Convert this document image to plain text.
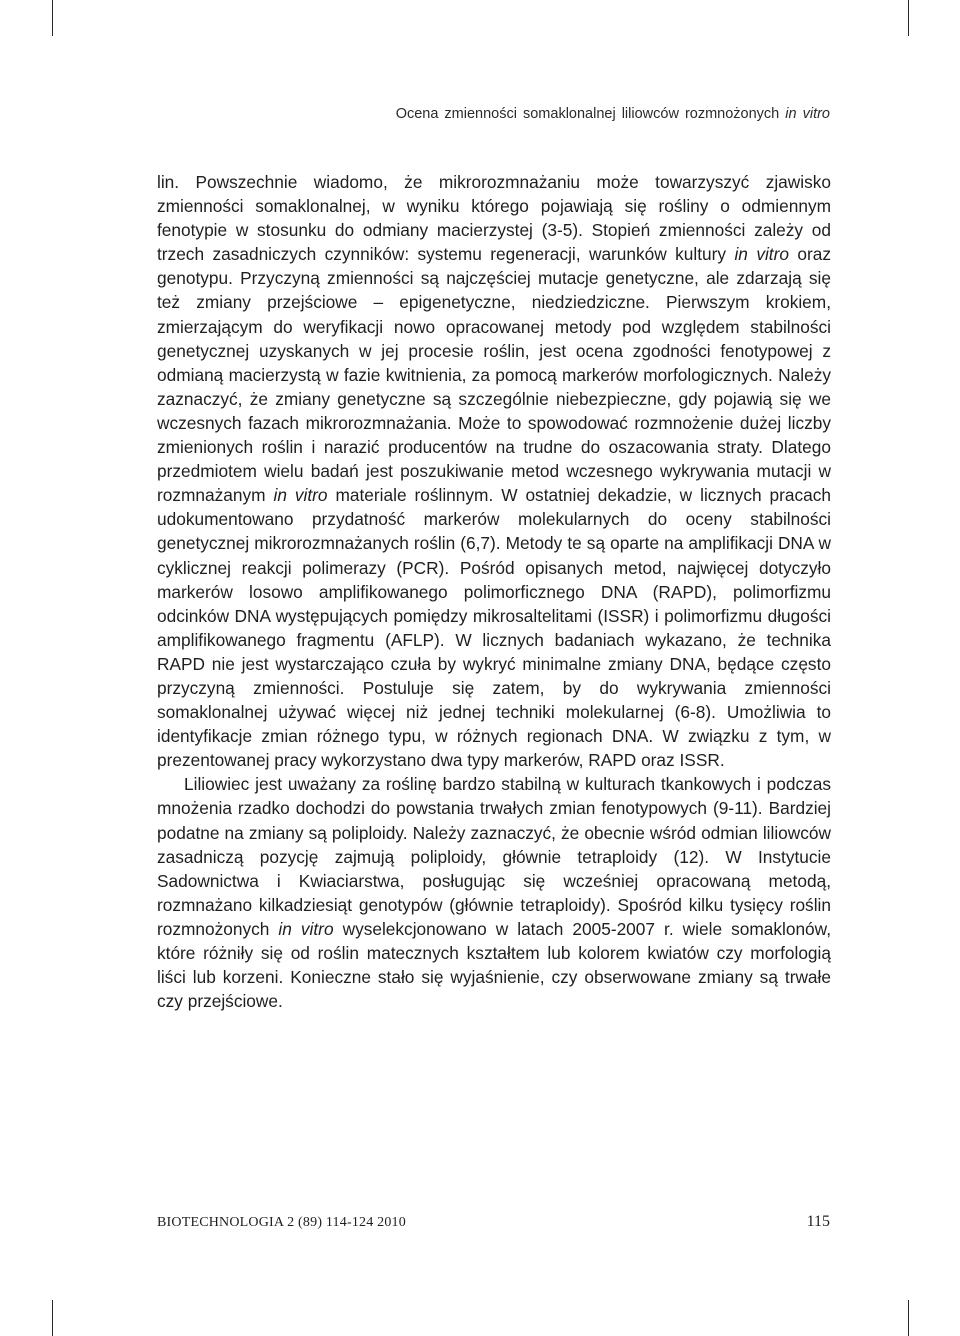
Ocena zmienności somaklonalnej liliowców rozmnożonych in vitro

lin. Powszechnie wiadomo, że mikrorozmnażaniu może towarzyszyć zjawisko zmienności somaklonalnej, w wyniku którego pojawiają się rośliny o odmiennym fenotypie w stosunku do odmiany macierzystej (3-5). Stopień zmienności zależy od trzech zasadniczych czynników: systemu regeneracji, warunków kultury in vitro oraz genotypu. Przyczyną zmienności są najczęściej mutacje genetyczne, ale zdarzają się też zmiany przejściowe – epigenetyczne, niedziedziczne. Pierwszym krokiem, zmierzającym do weryfikacji nowo opracowanej metody pod względem stabilności genetycznej uzyskanych w jej procesie roślin, jest ocena zgodności fenotypowej z odmianą macierzystą w fazie kwitnienia, za pomocą markerów morfologicznych. Należy zaznaczyć, że zmiany genetyczne są szczególnie niebezpieczne, gdy pojawią się we wczesnych fazach mikrorozmnażania. Może to spowodować rozmnożenie dużej liczby zmienionych roślin i narazić producentów na trudne do oszacowania straty. Dlatego przedmiotem wielu badań jest poszukiwanie metod wczesnego wykrywania mutacji w rozmnażanym in vitro materiale roślinnym. W ostatniej dekadzie, w licznych pracach udokumentowano przydatność markerów molekularnych do oceny stabilności genetycznej mikrorozmnażanych roślin (6,7). Metody te są oparte na amplifikacji DNA w cyklicznej reakcji polimerazy (PCR). Pośród opisanych metod, najwięcej dotyczyło markerów losowo amplifikowanego polimorficznego DNA (RAPD), polimorfizmu odcinków DNA występujących pomiędzy mikrosaltelitami (ISSR) i polimorfizmu długości amplifikowanego fragmentu (AFLP). W licznych badaniach wykazano, że technika RAPD nie jest wystarczająco czuła by wykryć minimalne zmiany DNA, będące często przyczyną zmienności. Postuluje się zatem, by do wykrywania zmienności somaklonalnej używać więcej niż jednej techniki molekularnej (6-8). Umożliwia to identyfikacje zmian różnego typu, w różnych regionach DNA. W związku z tym, w prezentowanej pracy wykorzystano dwa typy markerów, RAPD oraz ISSR.

Liliowiec jest uważany za roślinę bardzo stabilną w kulturach tkankowych i podczas mnożenia rzadko dochodzi do powstania trwałych zmian fenotypowych (9-11). Bardziej podatne na zmiany są poliploidy. Należy zaznaczyć, że obecnie wśród odmian liliowców zasadniczą pozycję zajmują poliploidy, głównie tetraploidy (12). W Instytucie Sadownictwa i Kwiaciarstwa, posługując się wcześniej opracowaną metodą, rozmnażano kilkadziesiąt genotypów (głównie tetraploidy). Spośród kilku tysięcy roślin rozmnożonych in vitro wyselekcjonowano w latach 2005-2007 r. wiele somaklonów, które różniły się od roślin matecznych kształtem lub kolorem kwiatów czy morfologią liści lub korzeni. Konieczne stało się wyjaśnienie, czy obserwowane zmiany są trwałe czy przejściowe.

BIOTECHNOLOGIA 2 (89) 114-124 2010	115
